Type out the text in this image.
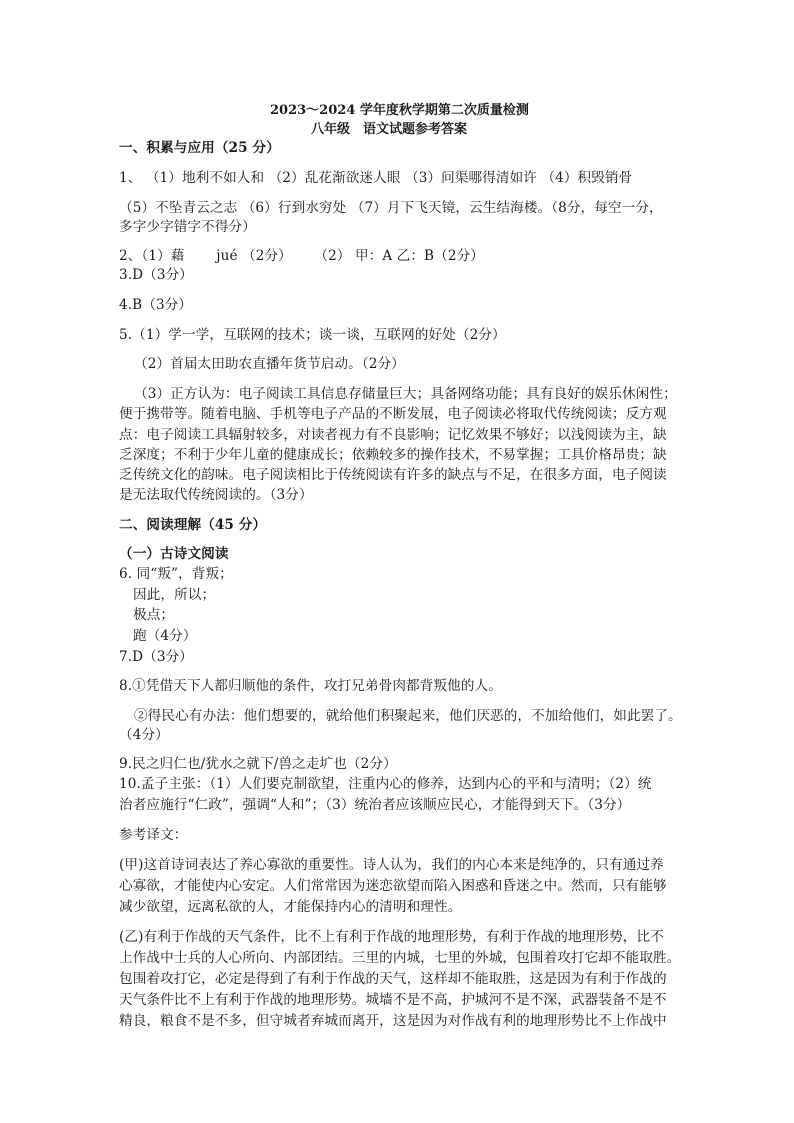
2023～2024 学年度秋学期第二次质量检测
八年级　语文试题参考答案
一、积累与应用（25 分）
1、 （1）地利不如人和 （2）乱花渐欲迷人眼 （3）问渠哪得清如许 （4）积毁销骨
（5）不坠青云之志 （6）行到水穷处 （7）月下飞天镜，云生结海楼。（8分，每空一分，
多字少字错字不得分）
2、（1）藉　　 jué （2分） 　 （2） 甲：A 乙：B（2分）
3.D（3分）
4.B（3分）
5.（1）学一学，互联网的技术；谈一谈，互联网的好处（2分）
（2）首届太田助农直播年货节启动。（2分）
（3）正方认为：电子阅读工具信息存储量巨大；具备网络功能；具有良好的娱乐休闲性；
便于携带等。随着电脑、手机等电子产品的不断发展，电子阅读必将取代传统阅读；反方观
点：电子阅读工具辐射较多，对读者视力有不良影响；记忆效果不够好；以浅阅读为主，缺
乏深度；不利于少年儿童的健康成长；依赖较多的操作技术，不易掌握；工具价格昂贵；缺
乏传统文化的韵味。电子阅读相比于传统阅读有许多的缺点与不足，在很多方面，电子阅读
是无法取代传统阅读的。（3分）
二、阅读理解（45 分）
（一）古诗文阅读
6. 同“叛”，背叛；
因此，所以；
极点；
跑（4分）
7.D（3分）
8.①凭借天下人都归顺他的条件，攻打兄弟骨肉都背叛他的人。
②得民心有办法：他们想要的，就给他们积聚起来，他们厌恶的，不加给他们，如此罢了。
（4分）
9.民之归仁也/犹水之就下/兽之走圹也（2分）
10.孟子主张：（1）人们要克制欲望，注重内心的修养，达到内心的平和与清明；（2）统
治者应施行“仁政”，强调“人和”；（3）统治者应该顺应民心，才能得到天下。（3分）
参考译文：
(甲)这首诗词表达了养心寡欲的重要性。诗人认为，我们的内心本来是纯净的，只有通过养
心寡欲，才能使内心安定。人们常常因为迷恋欲望而陷入困惑和昏迷之中。然而，只有能够
减少欲望，远离私欲的人，才能保持内心的清明和理性。
(乙)有利于作战的天气条件，比不上有利于作战的地理形势，有利于作战的地理形势，比不
上作战中士兵的人心所向、内部团结。三里的内城，七里的外城，包围着攻打它却不能取胜。
包围着攻打它，必定是得到了有利于作战的天气，这样却不能取胜，这是因为有利于作战的
天气条件比不上有利于作战的地理形势。城墙不是不高，护城河不是不深，武器装备不是不
精良，粮食不是不多，但守城者弃城而离开，这是因为对作战有利的地理形势比不上作战中
